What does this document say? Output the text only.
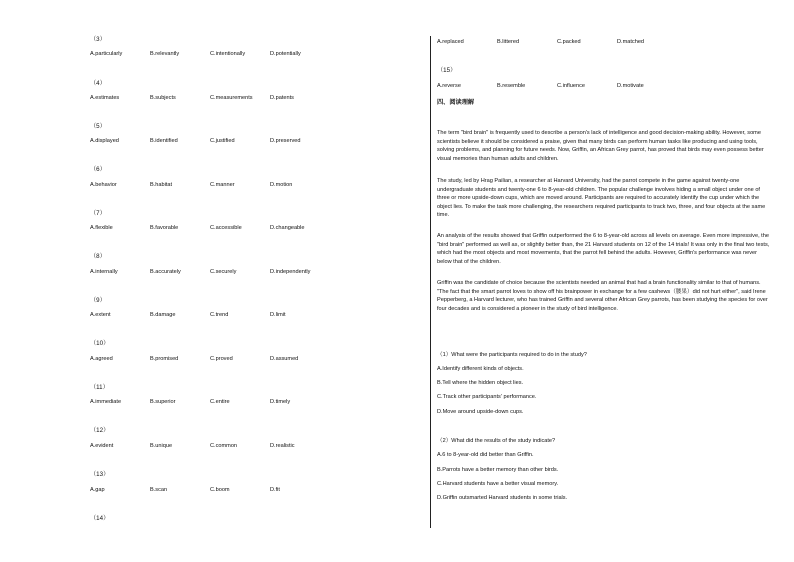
（3）
A.particularly	B.relevantly	C.intentionally	D.potentially
（4）
A.estimates	B.subjects	C.measurements	D.patents
（5）
A.displayed	B.identified	C.justified	D.preserved
（6）
A.behavior	B.habitat	C.manner	D.motion
（7）
A.flexible	B.favorable	C.accessible	D.changeable
（8）
A.internally	B.accurately	C.securely	D.independently
（9）
A.extent	B.damage	C.trend	D.limit
（10）
A.agreed	B.promised	C.proved	D.assumed
（11）
A.immediate	B.superior	C.entire	D.timely
（12）
A.evident	B.unique	C.common	D.realistic
（13）
A.gap	B.scan	C.boom	D.fit
（14）
A.replaced	B.littered	C.packed	D.matched
（15）
A.reverse	B.resemble	C.influence	D.motivate
四、阅读理解
The term "bird brain" is frequently used to describe a person's lack of intelligence and good decision-making ability. However, some scientists believe it should be considered a praise, given that many birds can perform human tasks like producing and using tools, solving problems, and planning for future needs. Now, Griffin, an African Grey parrot, has proved that birds may even possess better visual memories than human adults and children.
The study, led by Hrag Pailian, a researcher at Harvard University, had the parrot compete in the game against twenty-one undergraduate students and twenty-one 6 to 8-year-old children. The popular challenge involves hiding a small object under one of three or more upside-down cups, which are moved around. Participants are required to accurately identify the cup under which the object lies. To make the task more challenging, the researchers required participants to track two, three, and four objects at the same time.
An analysis of the results showed that Griffin outperformed the 6 to 8-year-old across all levels on average. Even more impressive, the "bird brain" performed as well as, or slightly better than, the 21 Harvard students on 12 of the 14 trials! It was only in the final two tests, which had the most objects and most movements, that the parrot fell behind the adults. However, Griffin's performance was never below that of the children.
Griffin was the candidate of choice because the scientists needed an animal that had a brain functionality similar to that of humans. "The fact that the smart parrot loves to show off his brainpower in exchange for a few cashews（腰果）did not hurt either", said Irene Pepperberg, a Harvard lecturer, who has trained Griffin and several other African Grey parrots, has been studying the species for over four decades and is considered a pioneer in the study of bird intelligence.
（1）What were the participants required to do in the study?
A.Identify different kinds of objects.
B.Tell where the hidden object lies.
C.Track other participants' performance.
D.Move around upside-down cups.
（2）What did the results of the study indicate?
A.6 to 8-year-old did better than Griffin.
B.Parrots have a better memory than other birds.
C.Harvard students have a better visual memory.
D.Griffin outsmarted Harvard students in some trials.
